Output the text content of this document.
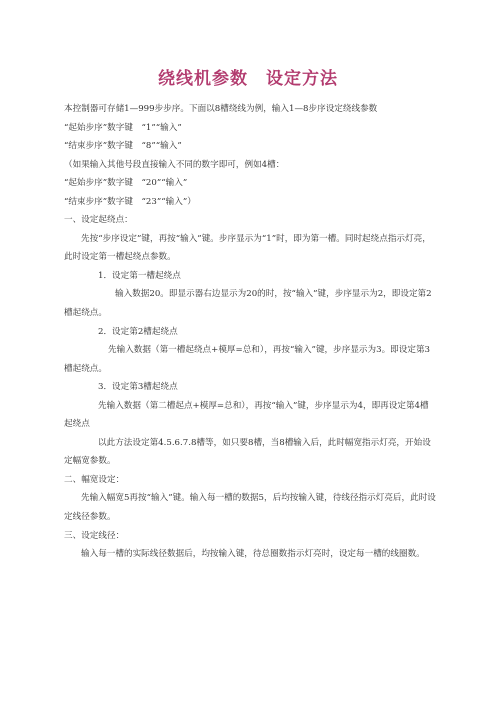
绕线机参数　设定方法

本控制器可存储1—999步步序。下面以8槽绕线为例，输入1—8步序设定绕线参数

“起始步序”数字键　“1”“输入”

“结束步序”数字键　“8”“输入”

（如果输入其他号段直接输入不同的数字即可，例如4槽：

“起始步序”数字键　“20”“输入”

“结束步序”数字键　“23”“输入”）

一、设定起绕点：

先按“步序设定”键，再按“输入”键。步序显示为“1”时，即为第一槽。同时起绕点指示灯亮，此时设定第一槽起绕点参数。

1．设定第一槽起绕点

输入数据20。即显示器右边显示为20的时，按“输入”键，步序显示为2，即设定第2槽起绕点。

2．设定第2槽起绕点

先输入数据（第一槽起绕点+模厚=总和），再按“输入”键，步序显示为3。即设定第3槽起绕点。

3．设定第3槽起绕点

先输入数据（第二槽起点+模厚=总和），再按“输入”键，步序显示为4，即再设定第4槽起绕点

以此方法设定第4.5.6.7.8槽等，如只要8槽，当8槽输入后，此时幅宽指示灯亮，开始设定幅宽参数。

二、幅宽设定：

先输入幅宽5再按“输入”键。输入每一槽的数据5，后均按输入键，待线径指示灯亮后，此时设定线径参数。

三、设定线径：

输入每一槽的实际线径数据后，均按输入键，待总圈数指示灯亮时，设定每一槽的线圈数。
